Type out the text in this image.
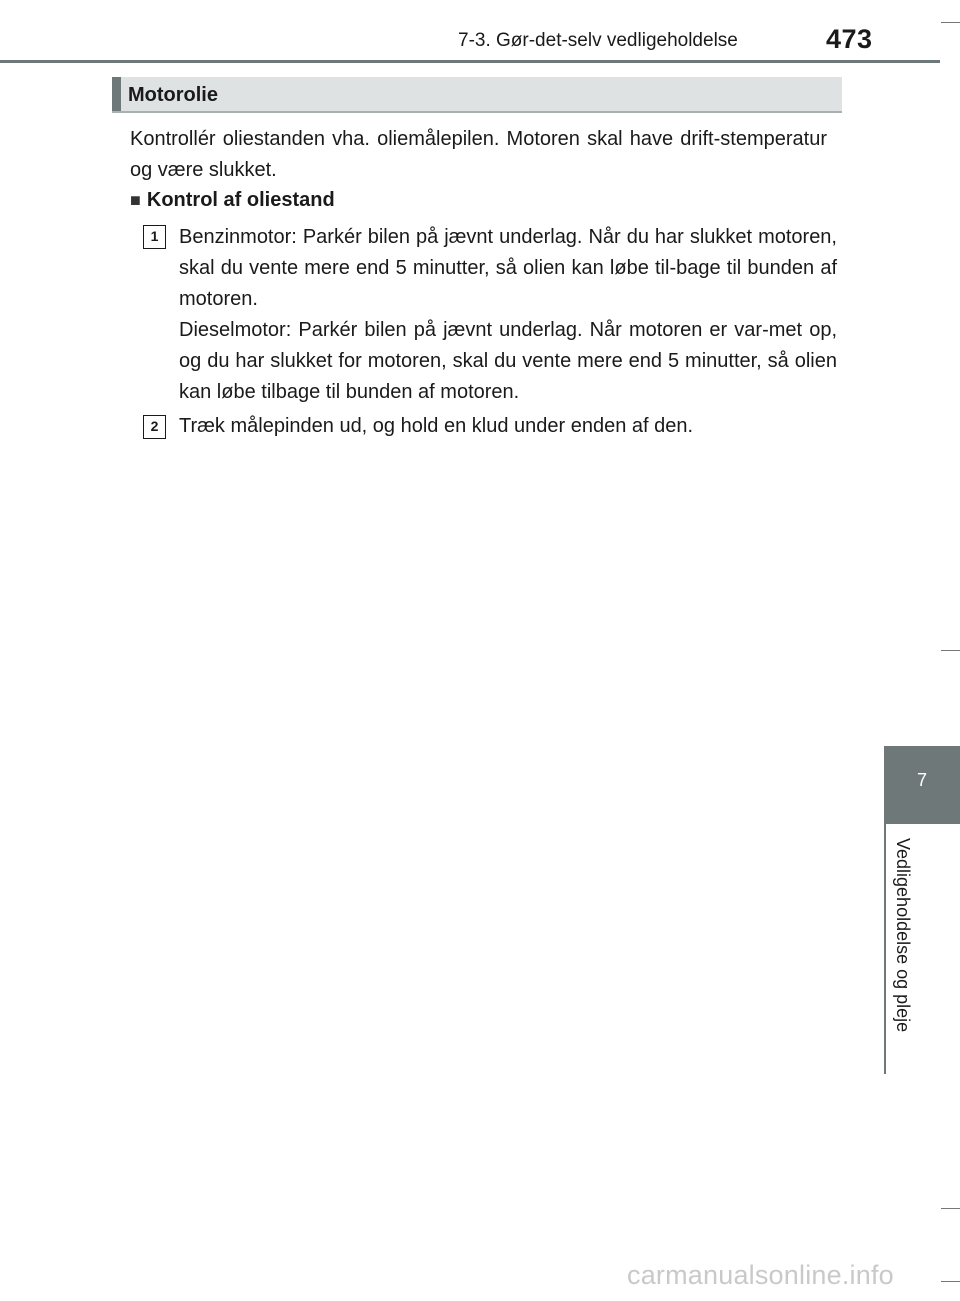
7-3. Gør-det-selv vedligeholdelse	473
Motorolie

Kontrollér oliestanden vha. oliemålepilen. Motoren skal have drift-stemperatur og være slukket.

■ Kontrol af oliestand
1	Benzinmotor: Parkér bilen på jævnt underlag. Når du har slukket motoren, skal du vente mere end 5 minutter, så olien kan løbe til-bage til bunden af motoren.

Dieselmotor: Parkér bilen på jævnt underlag. Når motoren er var-met op, og du har slukket for motoren, skal du vente mere end 5 minutter, så olien kan løbe tilbage til bunden af motoren.

2	Træk målepinden ud, og hold en klud under enden af den.

7
Vedligeholdelse og pleje
carmanualsonline.info
